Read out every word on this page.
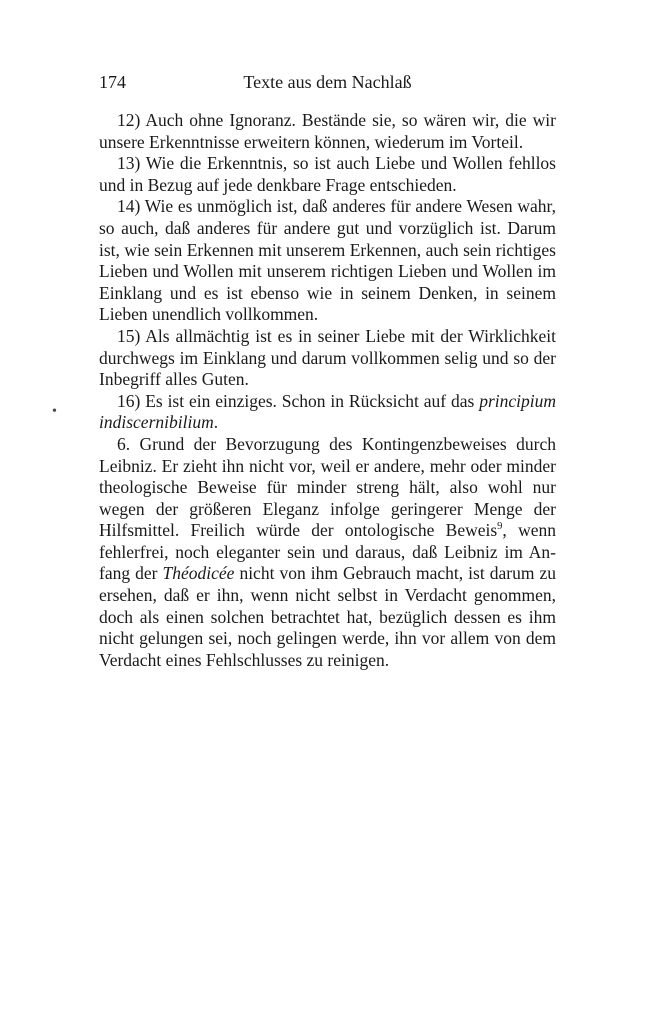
174	Texte aus dem Nachlaß
•

12) Auch ohne Ignoranz. Bestände sie, so wären wir, die wir unsere Erkenntnisse erweitern können, wiederum im Vorteil.

13) Wie die Erkenntnis, so ist auch Liebe und Wollen fehllos und in Bezug auf jede denkbare Frage entschieden.

14) Wie es unmöglich ist, daß anderes für andere Wesen wahr, so auch, daß anderes für andere gut und vorzüglich ist. Darum ist, wie sein Erkennen mit unserem Erkennen, auch sein richtiges Lieben und Wollen mit unserem richtigen Lieben und Wollen im Einklang und es ist ebenso wie in seinem Denken, in seinem Lieben unendlich vollkommen.

15) Als allmächtig ist es in seiner Liebe mit der Wirklichkeit durchwegs im Einklang und darum vollkommen selig und so der Inbegriff alles Guten.

16) Es ist ein einziges. Schon in Rücksicht auf das principium indiscernibilium.

6. Grund der Bevorzugung des Kontingenzbeweises durch Leibniz. Er zieht ihn nicht vor, weil er andere, mehr oder minder theologische Beweise für minder streng hält, also wohl nur wegen der größeren Eleganz infolge geringerer Menge der Hilfsmittel. Freilich würde der ontologische Beweis$^9$, wenn fehlerfrei, noch eleganter sein und daraus, daß Leibniz im Anfang der Théodicée nicht von ihm Gebrauch macht, ist darum zu ersehen, daß er ihn, wenn nicht selbst in Verdacht genommen, doch als einen solchen betrachtet hat, bezüglich dessen es ihm nicht gelungen sei, noch gelingen werde, ihn vor allem von dem Verdacht eines Fehlschlusses zu reinigen.
